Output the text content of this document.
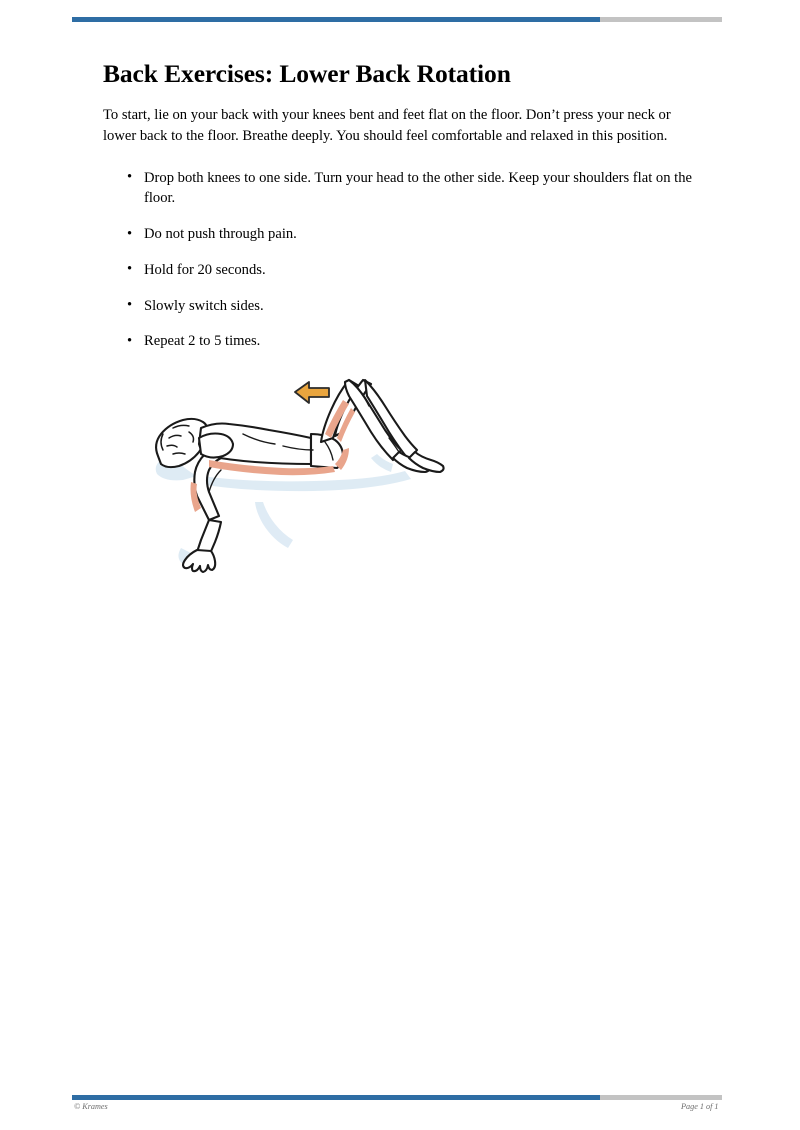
Back Exercises: Lower Back Rotation

To start, lie on your back with your knees bent and feet flat on the floor. Don’t press your neck or lower back to the floor. Breathe deeply. You should feel comfortable and relaxed in this position.

• Drop both knees to one side. Turn your head to the other side. Keep your shoulders flat on the floor.
• Do not push through pain.
• Hold for 20 seconds.
• Slowly switch sides.
• Repeat 2 to 5 times.
© Krames	Page 1 of 1
